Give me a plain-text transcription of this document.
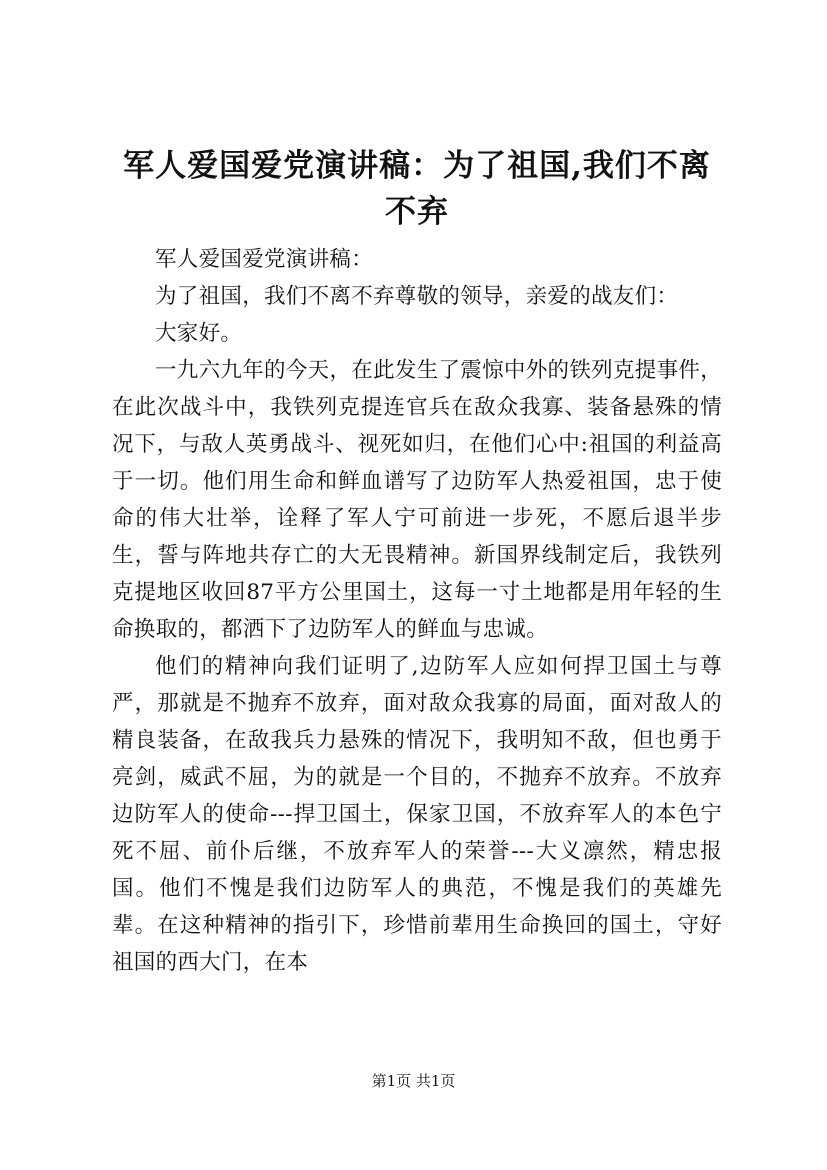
军人爱国爱党演讲稿：为了祖国,我们不离不弃

军人爱国爱党演讲稿：

为了祖国，我们不离不弃尊敬的领导，亲爱的战友们：

大家好。

一九六九年的今天，在此发生了震惊中外的铁列克提事件，在此次战斗中，我铁列克提连官兵在敌众我寡、装备悬殊的情况下，与敌人英勇战斗、视死如归，在他们心中:祖国的利益高于一切。他们用生命和鲜血谱写了边防军人热爱祖国，忠于使命的伟大壮举，诠释了军人宁可前进一步死，不愿后退半步生，誓与阵地共存亡的大无畏精神。新国界线制定后，我铁列克提地区收回87平方公里国土，这每一寸土地都是用年轻的生命换取的，都洒下了边防军人的鲜血与忠诚。

他们的精神向我们证明了,边防军人应如何捍卫国土与尊严，那就是不抛弃不放弃，面对敌众我寡的局面，面对敌人的精良装备，在敌我兵力悬殊的情况下，我明知不敌，但也勇于亮剑，威武不屈，为的就是一个目的，不抛弃不放弃。不放弃边防军人的使命---捍卫国土，保家卫国，不放弃军人的本色宁死不屈、前仆后继，不放弃军人的荣誉---大义凛然，精忠报国。他们不愧是我们边防军人的典范，不愧是我们的英雄先辈。在这种精神的指引下，珍惜前辈用生命换回的国土，守好祖国的西大门，在本

第1页 共1页
